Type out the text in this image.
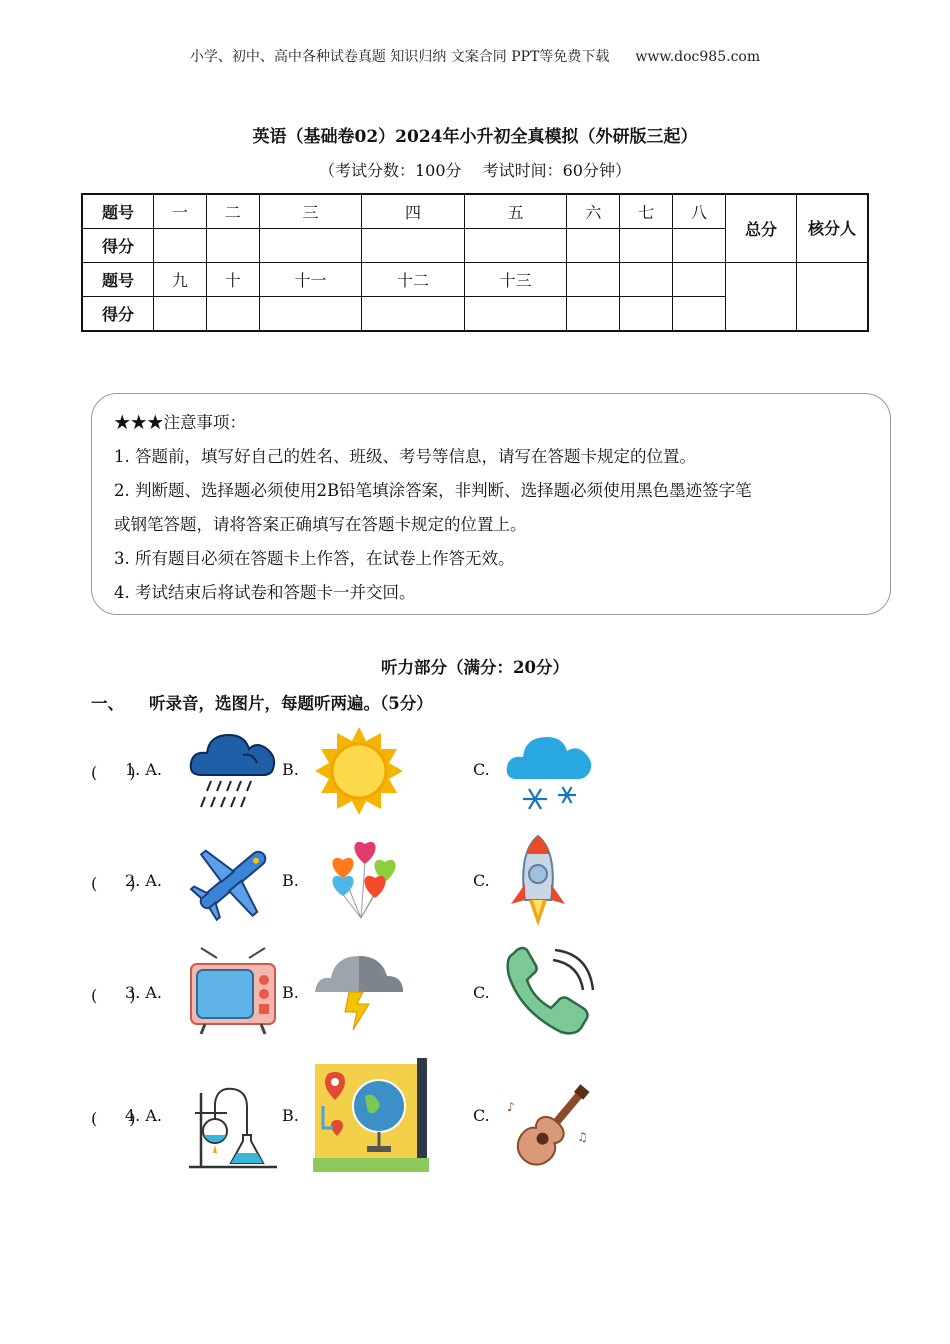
小学、初中、高中各种试卷真题 知识归纳 文案合同 PPT等免费下载 www.doc985.com
英语（基础卷02）2024年小升初全真模拟（外研版三起）
（考试分数：100分　 考试时间：60分钟）
题号	一	二	三	四	五	六	七	八	总分	核分人
得分										
题号	九	十	十一	十二	十三					
得分										
★★★注意事项：
1. 答题前，填写好自己的姓名、班级、考号等信息，请写在答题卡规定的位置。
2. 判断题、选择题必须使用2B铅笔填涂答案，非判断、选择题必须使用黑色墨迹签字笔
或钢笔答题，请将答案正确填写在答题卡规定的位置上。
3. 所有题目必须在答题卡上作答，在试卷上作答无效。
4. 考试结束后将试卷和答题卡一并交回。
听力部分（满分：20分）
一、 听录音，选图片，每题听两遍。（5分）
(　　)
1. A.	B.	C.
(　　)
2. A.	B.	C.
(　　)
3. A.	B.	C.
(　　)
4. A.	B.	C. ♪
♫
